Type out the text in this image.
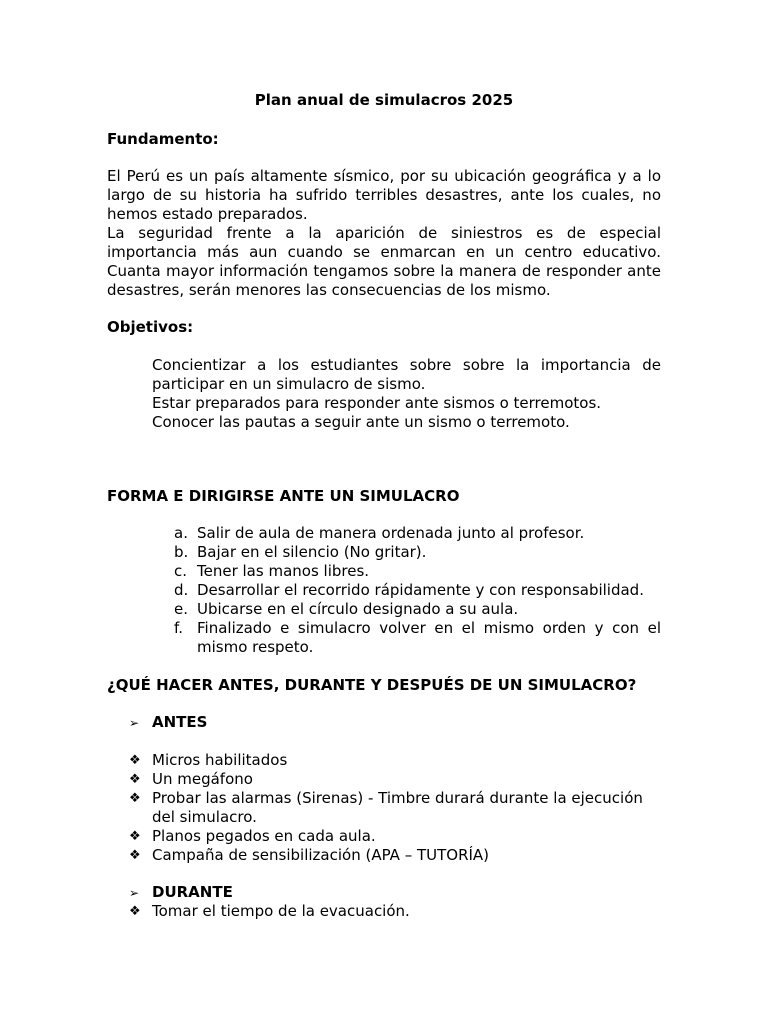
Plan anual de simulacros 2025

Fundamento:

El Perú es un país altamente sísmico, por su ubicación geográfica y a lo largo de su historia ha sufrido terribles desastres, ante los cuales, no hemos estado preparados.

La seguridad frente a la aparición de siniestros es de especial importancia más aun cuando se enmarcan en un centro educativo. Cuanta mayor información tengamos sobre la manera de responder ante desastres, serán menores las consecuencias de los mismo.

Objetivos:

Concientizar a los estudiantes sobre sobre la importancia de participar en un simulacro de sismo.

Estar preparados para responder ante sismos o terremotos.

Conocer las pautas a seguir ante un sismo o terremoto.

FORMA E DIRIGIRSE ANTE UN SIMULACRO

a. Salir de aula de manera ordenada junto al profesor.
b. Bajar en el silencio (No gritar).
c. Tener las manos libres.
d. Desarrollar el recorrido rápidamente y con responsabilidad.
e. Ubicarse en el círculo designado a su aula.
f. Finalizado e simulacro volver en el mismo orden y con el mismo respeto.

¿QUÉ HACER ANTES, DURANTE Y DESPUÉS DE UN SIMULACRO?

➢ ANTES
❖ Micros habilitados
❖ Un megáfono
❖ Probar las alarmas (Sirenas) - Timbre durará durante la ejecución del simulacro.
❖ Planos pegados en cada aula.
❖ Campaña de sensibilización (APA – TUTORÍA)
➢ DURANTE
❖ Tomar el tiempo de la evacuación.
